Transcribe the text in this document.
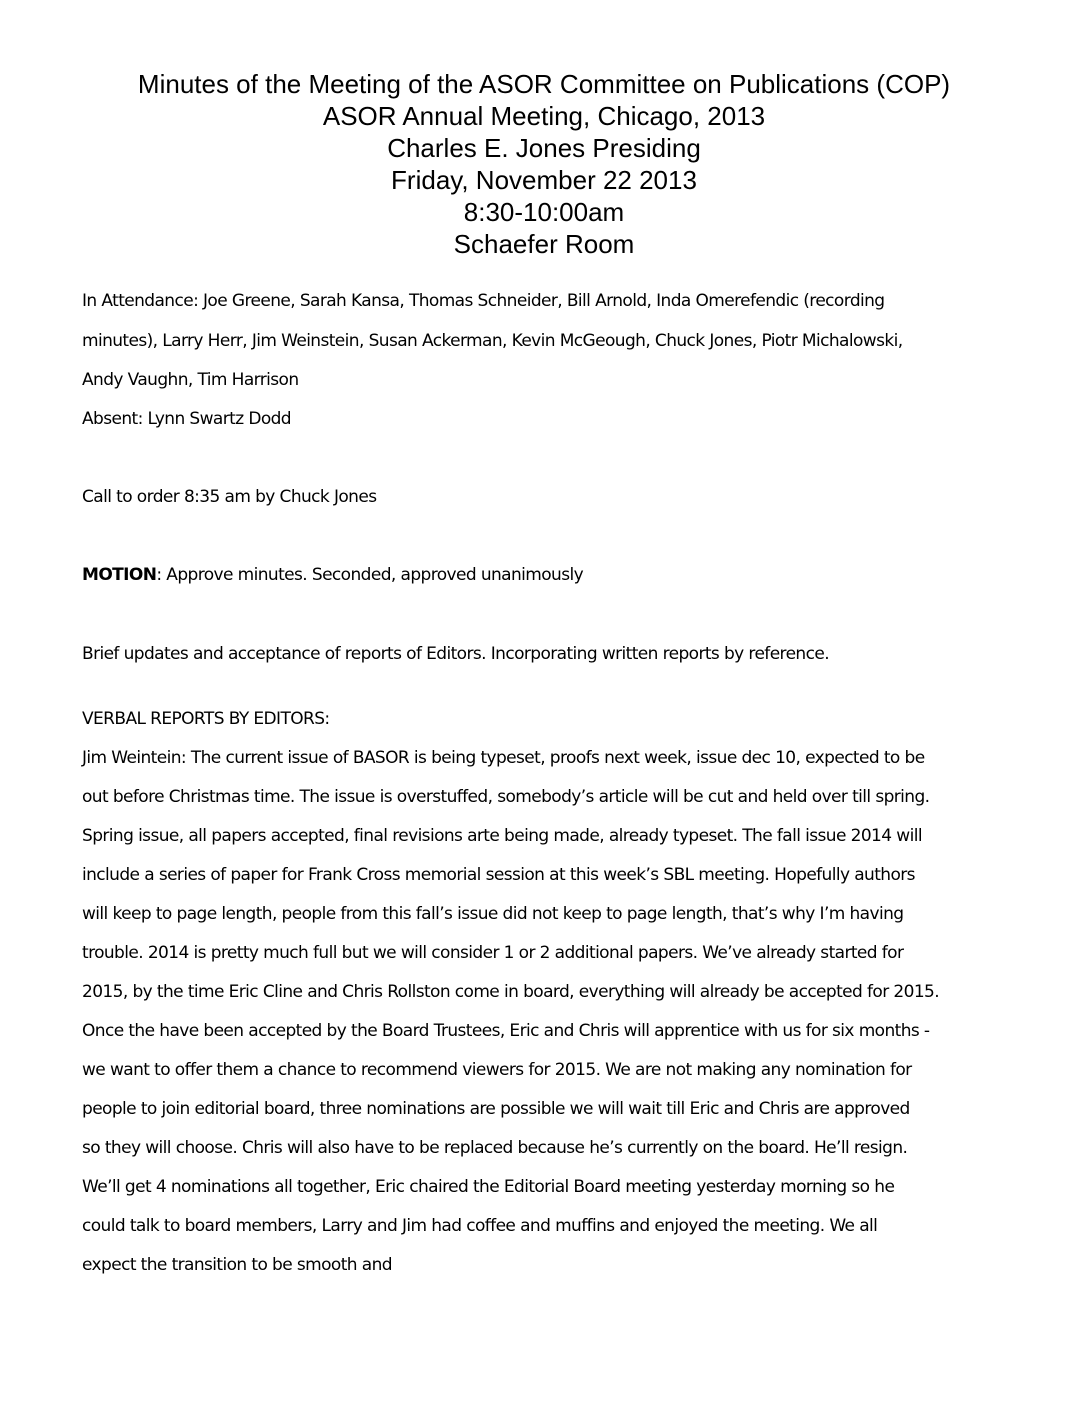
Minutes of the Meeting of the ASOR Committee on Publications (COP)
ASOR Annual Meeting, Chicago, 2013
Charles E. Jones Presiding
Friday, November 22 2013
8:30-10:00am
Schaefer Room
In Attendance: Joe Greene, Sarah Kansa, Thomas Schneider, Bill Arnold, Inda Omerefendic (recording
minutes), Larry Herr, Jim Weinstein, Susan Ackerman, Kevin McGeough, Chuck Jones, Piotr Michalowski,
Andy Vaughn, Tim Harrison
Absent: Lynn Swartz Dodd
Call to order 8:35 am by Chuck Jones
MOTION: Approve minutes. Seconded, approved unanimously
Brief updates and acceptance of reports of Editors. Incorporating written reports by reference.
VERBAL REPORTS BY EDITORS:
Jim Weintein: The current issue of BASOR is being typeset, proofs next week, issue dec 10, expected to be
out before Christmas time. The issue is overstuffed, somebody’s article will be cut and held over till spring.
Spring issue, all papers accepted, final revisions arte being made, already typeset. The fall issue 2014 will
include a series of paper for Frank Cross memorial session at this week’s SBL meeting. Hopefully authors
will keep to page length, people from this fall’s issue did not keep to page length, that’s why I’m having
trouble. 2014 is pretty much full but we will consider 1 or 2 additional papers. We’ve already started for
2015, by the time Eric Cline and Chris Rollston come in board, everything will already be accepted for 2015.
Once the have been accepted by the Board Trustees, Eric and Chris will apprentice with us for six months -
we want to offer them a chance to recommend viewers for 2015. We are not making any nomination for
people to join editorial board, three nominations are possible we will wait till Eric and Chris are approved
so they will choose. Chris will also have to be replaced because he’s currently on the board. He’ll resign.
We’ll get 4 nominations all together, Eric chaired the Editorial Board meeting yesterday morning so he
could talk to board members, Larry and Jim had coffee and muffins and enjoyed the meeting. We all
expect the transition to be smooth and
